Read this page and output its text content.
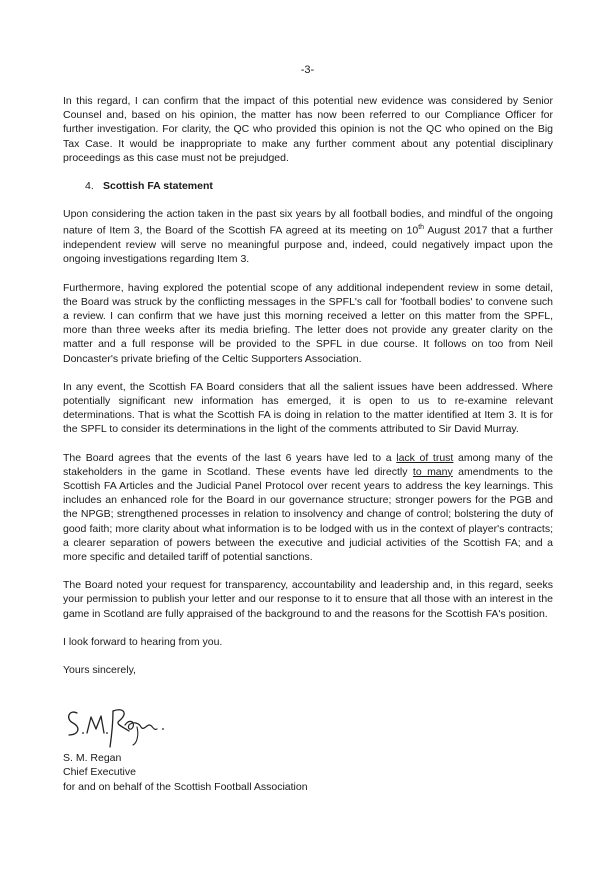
-3-

In this regard, I can confirm that the impact of this potential new evidence was considered by Senior Counsel and, based on his opinion, the matter has now been referred to our Compliance Officer for further investigation. For clarity, the QC who provided this opinion is not the QC who opined on the Big Tax Case. It would be inappropriate to make any further comment about any potential disciplinary proceedings as this case must not be prejudged.

4. Scottish FA statement

Upon considering the action taken in the past six years by all football bodies, and mindful of the ongoing nature of Item 3, the Board of the Scottish FA agreed at its meeting on 10th August 2017 that a further independent review will serve no meaningful purpose and, indeed, could negatively impact upon the ongoing investigations regarding Item 3.

Furthermore, having explored the potential scope of any additional independent review in some detail, the Board was struck by the conflicting messages in the SPFL's call for 'football bodies' to convene such a review. I can confirm that we have just this morning received a letter on this matter from the SPFL, more than three weeks after its media briefing. The letter does not provide any greater clarity on the matter and a full response will be provided to the SPFL in due course. It follows on too from Neil Doncaster's private briefing of the Celtic Supporters Association.

In any event, the Scottish FA Board considers that all the salient issues have been addressed. Where potentially significant new information has emerged, it is open to us to re-examine relevant determinations. That is what the Scottish FA is doing in relation to the matter identified at Item 3. It is for the SPFL to consider its determinations in the light of the comments attributed to Sir David Murray.

The Board agrees that the events of the last 6 years have led to a lack of trust among many of the stakeholders in the game in Scotland. These events have led directly to many amendments to the Scottish FA Articles and the Judicial Panel Protocol over recent years to address the key learnings. This includes an enhanced role for the Board in our governance structure; stronger powers for the PGB and the NPGB; strengthened processes in relation to insolvency and change of control; bolstering the duty of good faith; more clarity about what information is to be lodged with us in the context of player's contracts; a clearer separation of powers between the executive and judicial activities of the Scottish FA; and a more specific and detailed tariff of potential sanctions.

The Board noted your request for transparency, accountability and leadership and, in this regard, seeks your permission to publish your letter and our response to it to ensure that all those with an interest in the game in Scotland are fully appraised of the background to and the reasons for the Scottish FA's position.

I look forward to hearing from you.

Yours sincerely,
S. M. Regan
Chief Executive
for and on behalf of the Scottish Football Association
